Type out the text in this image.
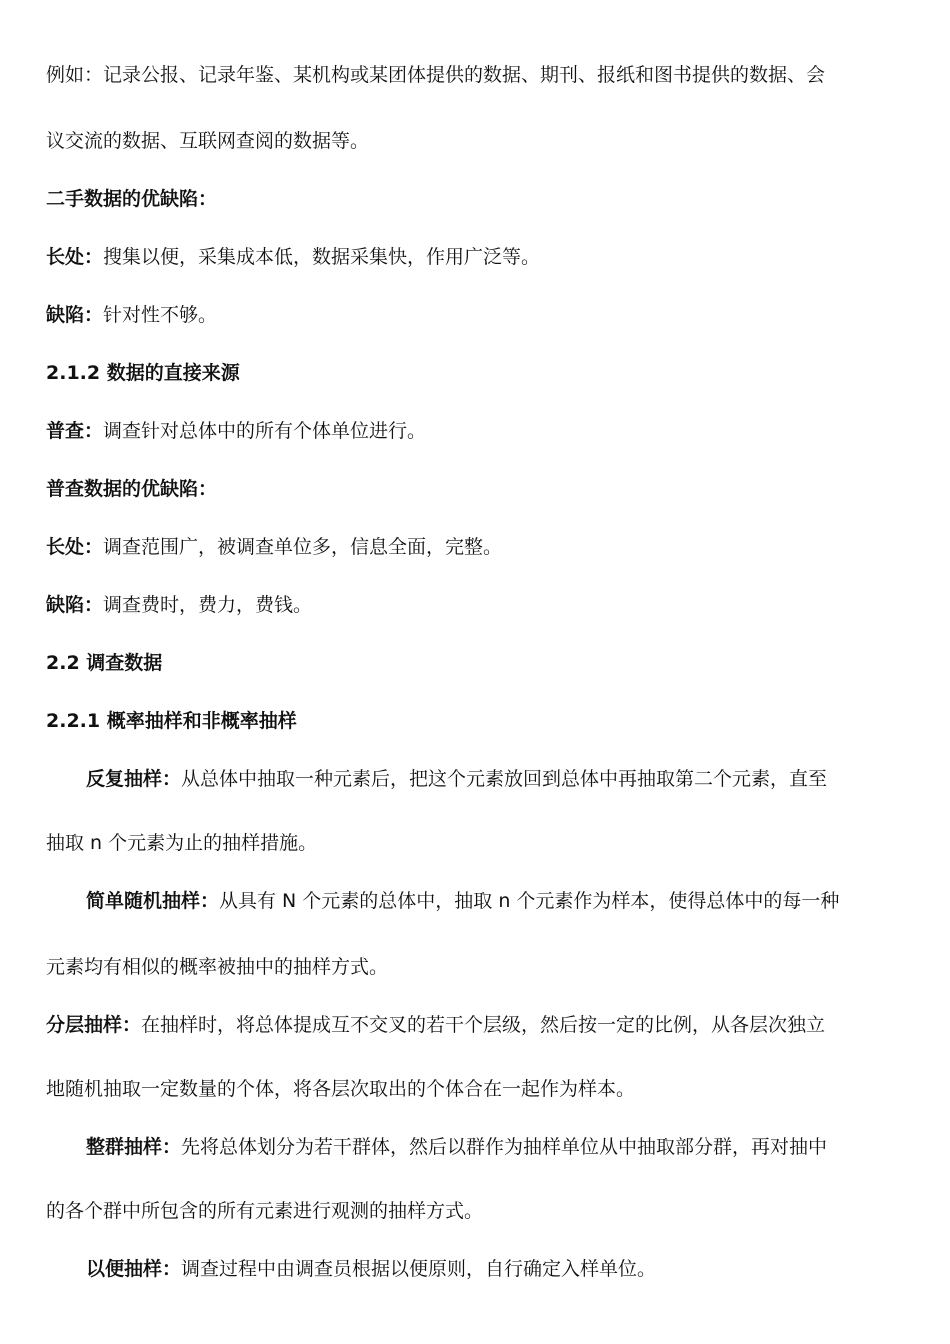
例如：记录公报、记录年鉴、某机构或某团体提供的数据、期刊、报纸和图书提供的数据、会
议交流的数据、互联网查阅的数据等。
二手数据的优缺陷：
长处：搜集以便，采集成本低，数据采集快，作用广泛等。
缺陷：针对性不够。
2.1.2 数据的直接来源
普查：调查针对总体中的所有个体单位进行。
普查数据的优缺陷：
长处：调查范围广，被调查单位多，信息全面，完整。
缺陷：调查费时，费力，费钱。
2.2 调查数据
2.2.1 概率抽样和非概率抽样
反复抽样：从总体中抽取一种元素后，把这个元素放回到总体中再抽取第二个元素，直至
抽取 n 个元素为止的抽样措施。
简单随机抽样：从具有 N 个元素的总体中，抽取 n 个元素作为样本，使得总体中的每一种
元素均有相似的概率被抽中的抽样方式。
分层抽样：在抽样时，将总体提成互不交叉的若干个层级，然后按一定的比例，从各层次独立
地随机抽取一定数量的个体，将各层次取出的个体合在一起作为样本。
整群抽样：先将总体划分为若干群体，然后以群作为抽样单位从中抽取部分群，再对抽中
的各个群中所包含的所有元素进行观测的抽样方式。
以便抽样：调查过程中由调查员根据以便原则，自行确定入样单位。
